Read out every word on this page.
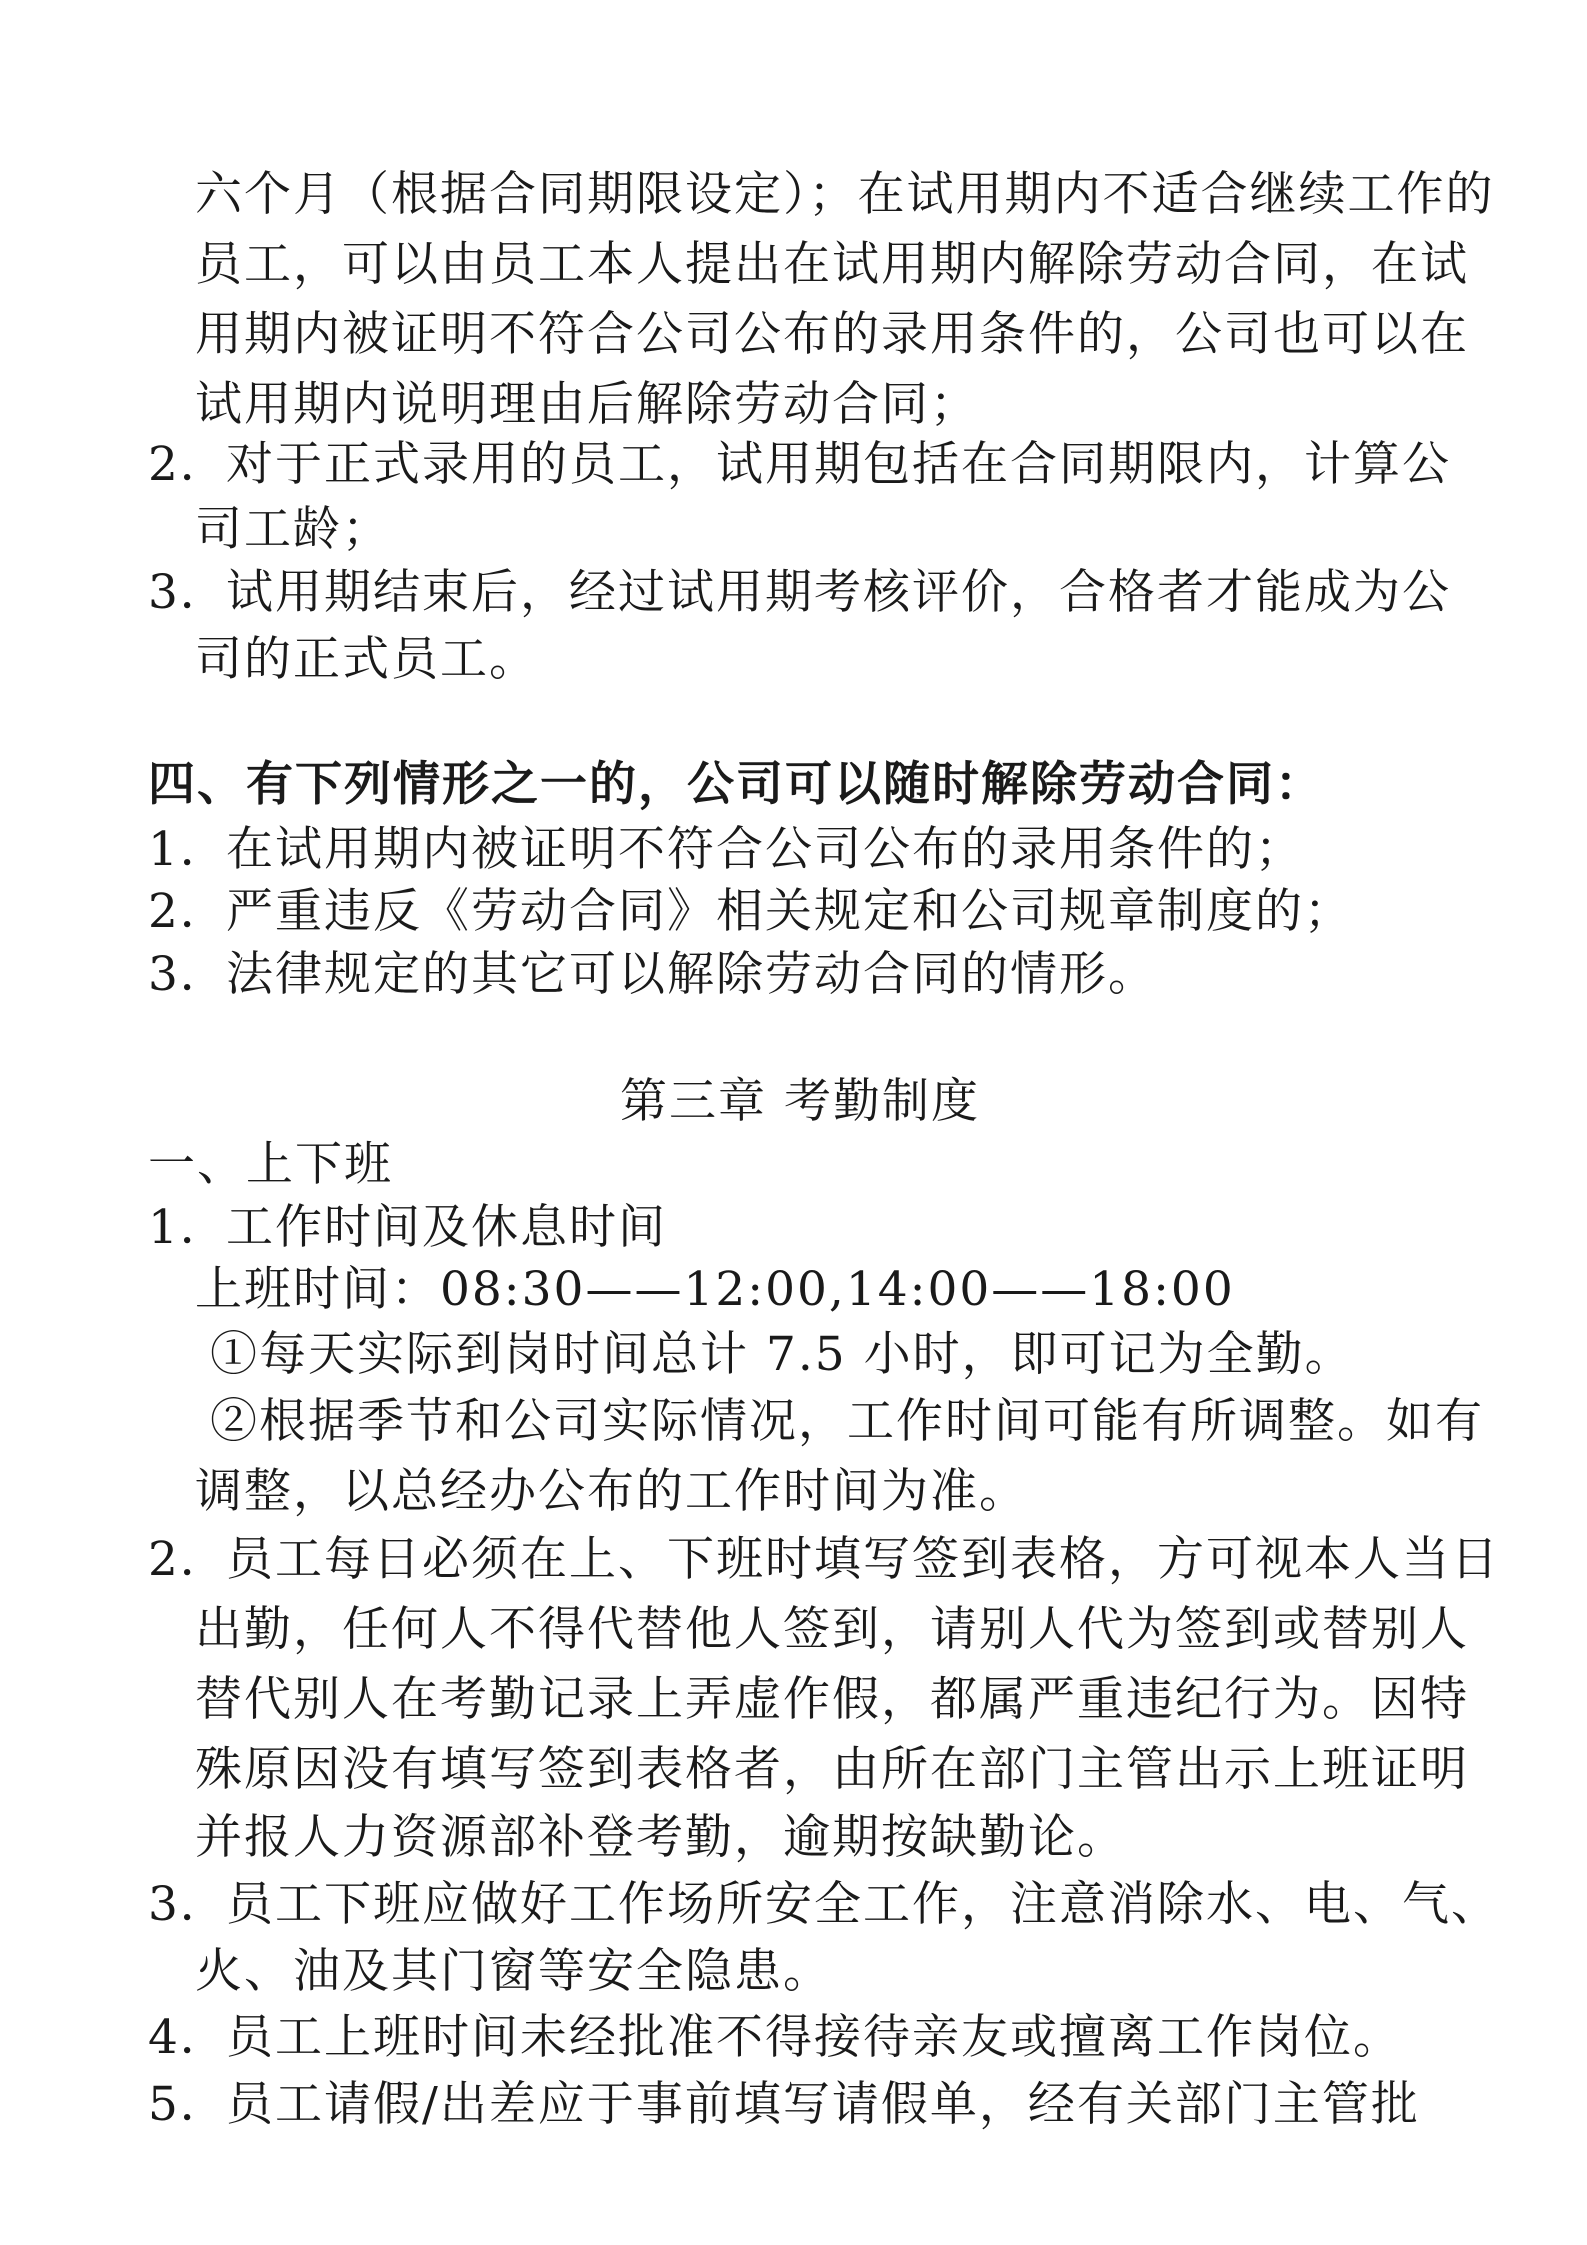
六个月（根据合同期限设定）；在试用期内不适合继续工作的
员工，可以由员工本人提出在试用期内解除劳动合同，在试
用期内被证明不符合公司公布的录用条件的，公司也可以在
试用期内说明理由后解除劳动合同；
2．对于正式录用的员工，试用期包括在合同期限内，计算公
司工龄；
3．试用期结束后，经过试用期考核评价，合格者才能成为公
司的正式员工。
四、有下列情形之一的，公司可以随时解除劳动合同：
1．在试用期内被证明不符合公司公布的录用条件的；
2．严重违反《劳动合同》相关规定和公司规章制度的；
3．法律规定的其它可以解除劳动合同的情形。
第三章 考勤制度
一、上下班
1．工作时间及休息时间
上班时间：08:30——12:00,14:00——18:00
①每天实际到岗时间总计 7.5 小时，即可记为全勤。
②根据季节和公司实际情况，工作时间可能有所调整。如有
调整，以总经办公布的工作时间为准。
2．员工每日必须在上、下班时填写签到表格，方可视本人当日
出勤，任何人不得代替他人签到，请别人代为签到或替别人
替代别人在考勤记录上弄虚作假，都属严重违纪行为。因特
殊原因没有填写签到表格者，由所在部门主管出示上班证明
并报人力资源部补登考勤，逾期按缺勤论。
3．员工下班应做好工作场所安全工作，注意消除水、电、气、
火、油及其门窗等安全隐患。
4．员工上班时间未经批准不得接待亲友或擅离工作岗位。
5．员工请假/出差应于事前填写请假单，经有关部门主管批
